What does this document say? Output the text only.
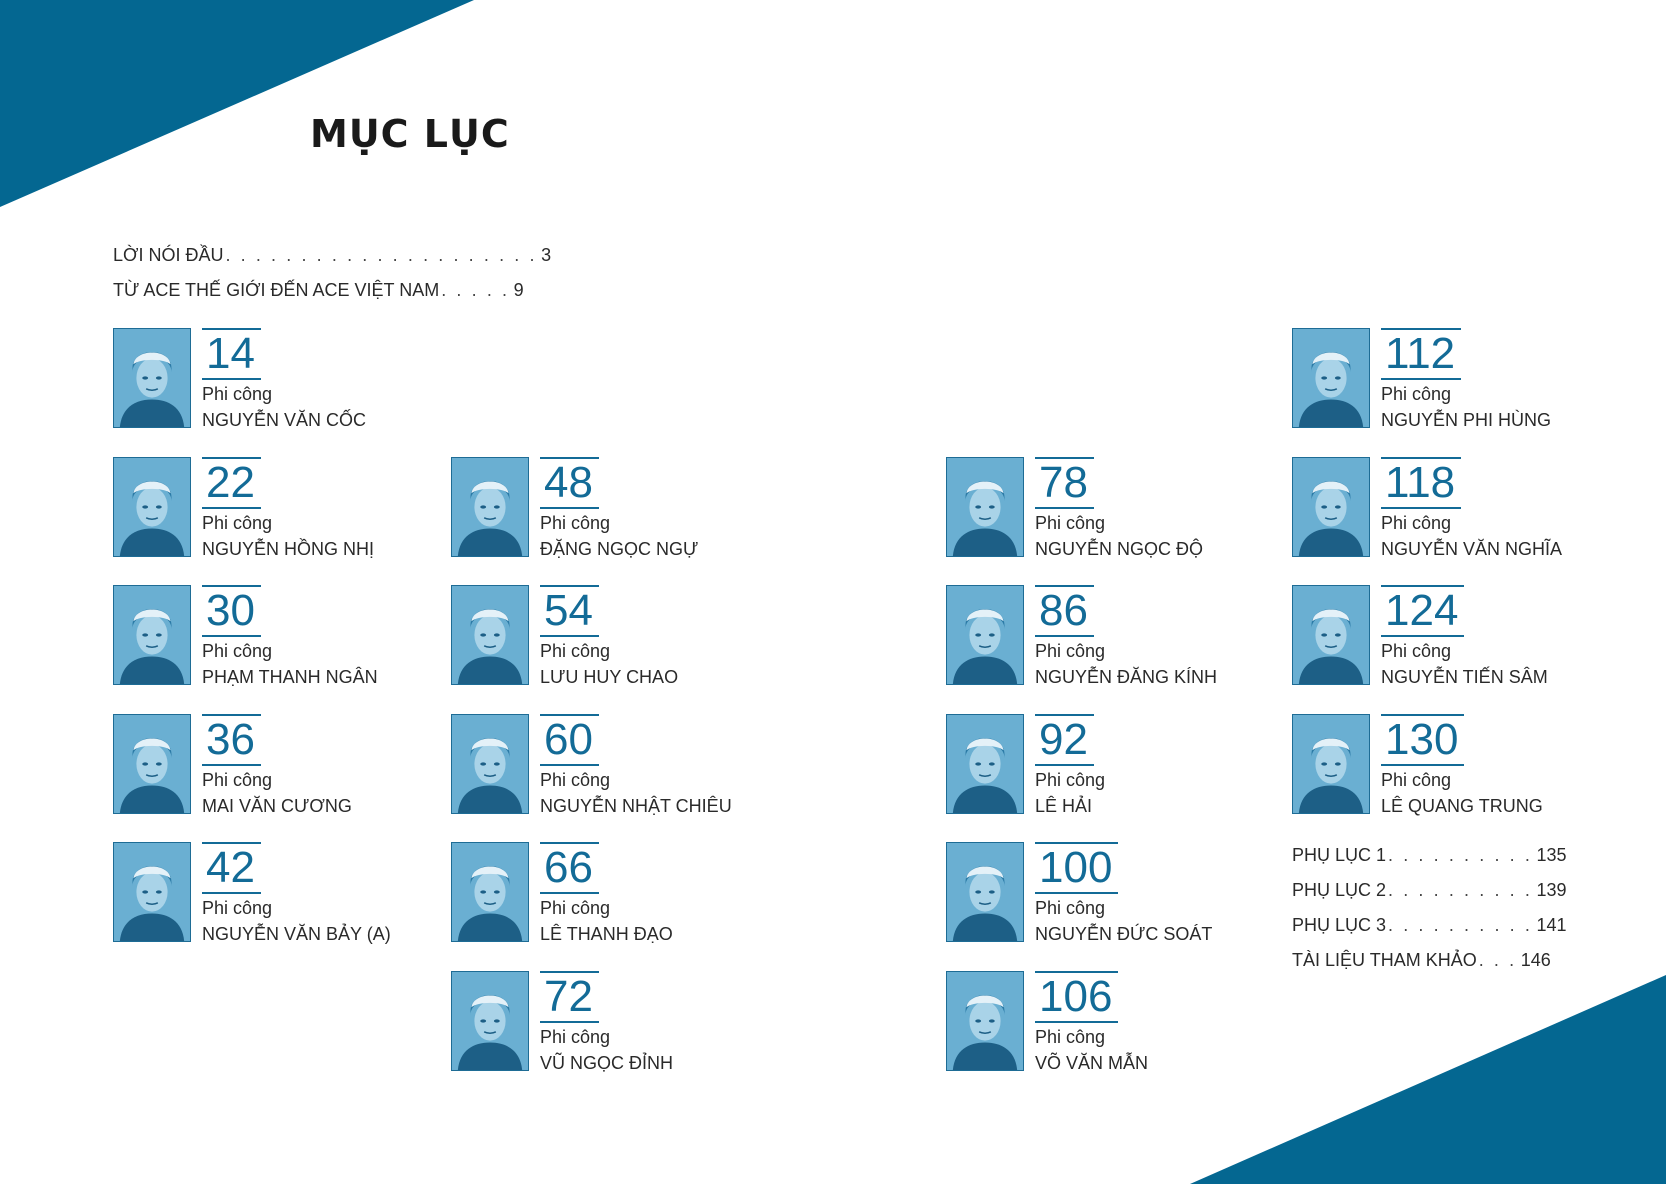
MỤC LỤC
LỜI NÓI ĐẦU . . . . . . . . . . . . . . . . . . . . . 3
TỪ ACE THẾ GIỚI ĐẾN ACE VIỆT NAM . . . . . 9
14
Phi công
NGUYỄN VĂN CỐC
22
Phi công
NGUYỄN HỒNG NHỊ
30
Phi công
PHẠM THANH NGÂN
36
Phi công
MAI VĂN CƯƠNG
42
Phi công
NGUYỄN VĂN BẢY (A)
48
Phi công
ĐẶNG NGỌC NGỰ
54
Phi công
LƯU HUY CHAO
60
Phi công
NGUYỄN NHẬT CHIÊU
66
Phi công
LÊ THANH ĐẠO
72
Phi công
VŨ NGỌC ĐỈNH
78
Phi công
NGUYỄN NGỌC ĐỘ
86
Phi công
NGUYỄN ĐĂNG KÍNH
92
Phi công
LÊ HẢI
100
Phi công
NGUYỄN ĐỨC SOÁT
106
Phi công
VÕ VĂN MẪN
112
Phi công
NGUYỄN PHI HÙNG
118
Phi công
NGUYỄN VĂN NGHĨA
124
Phi công
NGUYỄN TIẾN SÂM
130
Phi công
LÊ QUANG TRUNG
PHỤ LỤC 1 . . . . . . . . . . 135
PHỤ LỤC 2 . . . . . . . . . . 139
PHỤ LỤC 3 . . . . . . . . . . 141
TÀI LIỆU THAM KHẢO . . . 146
